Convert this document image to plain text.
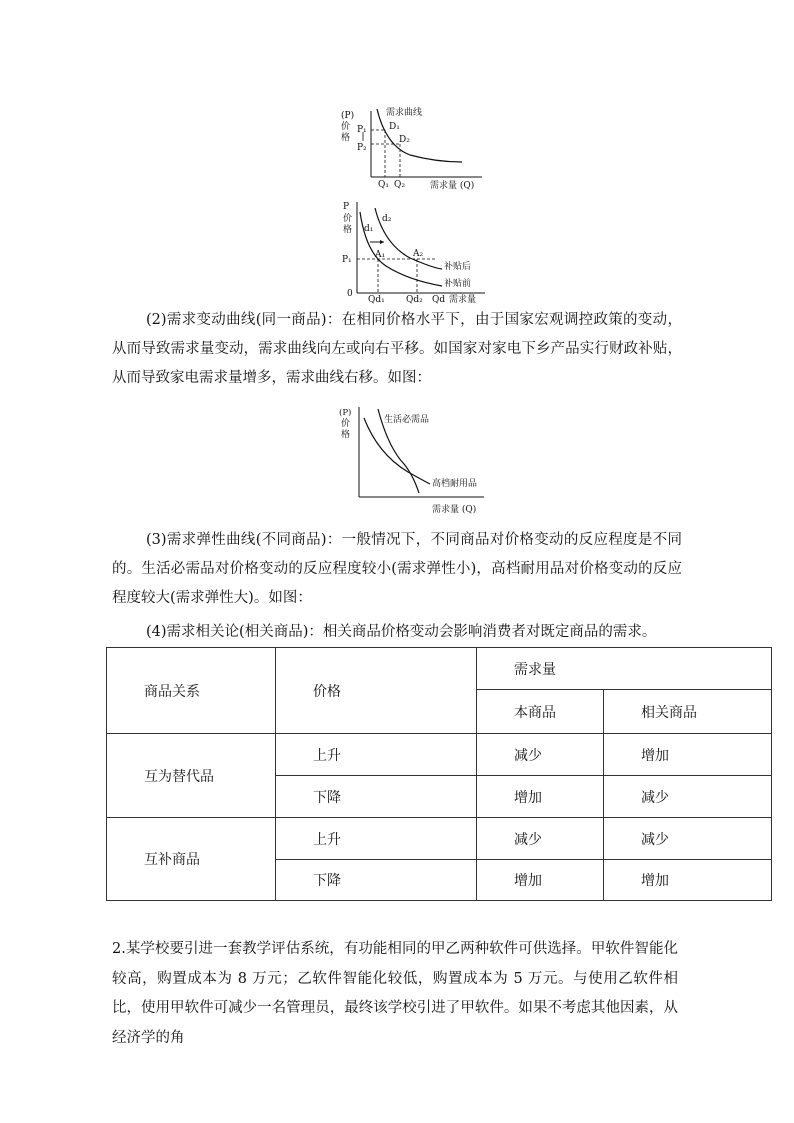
(P)
价
格
P₁
P₂
需求曲线
D₁
D₂
Q₁ Q₂	需求量 (Q)
P
价
格
P₁
0
d₁
d₂
A₁	A₂
补贴后
补贴前
Qd₁ Qd₂ Qd 需求量

(2)需求变动曲线(同一商品)：在相同价格水平下，由于国家宏观调控政策的变动，从而导致需求量变动，需求曲线向左或向右平移。如国家对家电下乡产品实行财政补贴，从而导致家电需求量增多，需求曲线右移。如图：

(P)
价
格
生活必需品
高档耐用品
需求量 (Q)

(3)需求弹性曲线(不同商品)：一般情况下，不同商品对价格变动的反应程度是不同的。生活必需品对价格变动的反应程度较小(需求弹性小)，高档耐用品对价格变动的反应程度较大(需求弹性大)。如图：

(4)需求相关论(相关商品)：相关商品价格变动会影响消费者对既定商品的需求。

商品关系	价格	需求量	
		本商品	相关商品
互为替代品	上升	减少	增加
	下降	增加	减少
互补商品	上升	减少	减少
	下降	增加	增加

2.某学校要引进一套教学评估系统，有功能相同的甲乙两种软件可供选择。甲软件智能化较高，购置成本为 8 万元；乙软件智能化较低，购置成本为 5 万元。与使用乙软件相比，使用甲软件可减少一名管理员，最终该学校引进了甲软件。如果不考虑其他因素，从经济学的角
